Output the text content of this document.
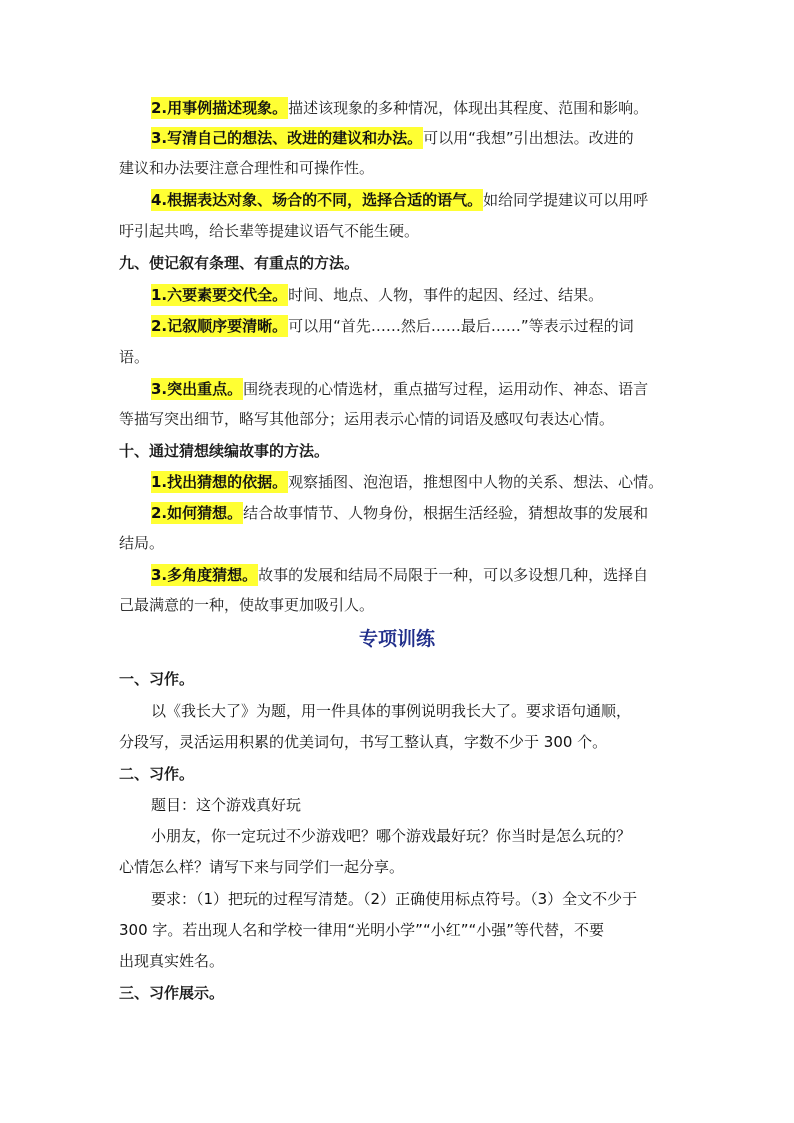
2.用事例描述现象。描述该现象的多种情况，体现出其程度、范围和影响。
3.写清自己的想法、改进的建议和办法。可以用“我想”引出想法。改进的
建议和办法要注意合理性和可操作性。
4.根据表达对象、场合的不同，选择合适的语气。如给同学提建议可以用呼
吁引起共鸣，给长辈等提建议语气不能生硬。
九、使记叙有条理、有重点的方法。
1.六要素要交代全。时间、地点、人物，事件的起因、经过、结果。
2.记叙顺序要清晰。可以用“首先……然后……最后……”等表示过程的词
语。
3.突出重点。围绕表现的心情选材，重点描写过程，运用动作、神态、语言
等描写突出细节，略写其他部分；运用表示心情的词语及感叹句表达心情。
十、通过猜想续编故事的方法。
1.找出猜想的依据。观察插图、泡泡语，推想图中人物的关系、想法、心情。
2.如何猜想。结合故事情节、人物身份，根据生活经验，猜想故事的发展和
结局。
3.多角度猜想。故事的发展和结局不局限于一种，可以多设想几种，选择自
己最满意的一种，使故事更加吸引人。
专项训练
一、习作。
以《我长大了》为题，用一件具体的事例说明我长大了。要求语句通顺，
分段写，灵活运用积累的优美词句，书写工整认真，字数不少于 300 个。
二、习作。
题目：这个游戏真好玩
小朋友，你一定玩过不少游戏吧？哪个游戏最好玩？你当时是怎么玩的？
心情怎么样？请写下来与同学们一起分享。
要求：（1）把玩的过程写清楚。（2）正确使用标点符号。（3）全文不少于
300 字。若出现人名和学校一律用“光明小学”“小红”“小强”等代替，不要
出现真实姓名。
三、习作展示。
